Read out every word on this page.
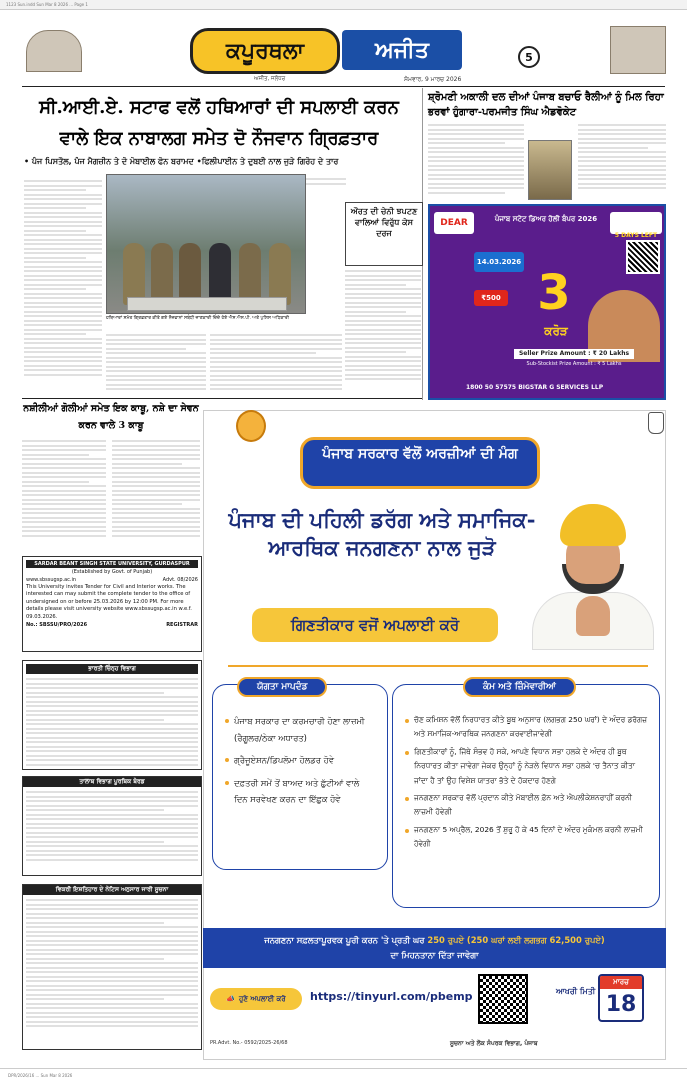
1123 Sun.indd Sun Mar 8 2026 ... Page 1
ਕਪੂਰਥਲਾ	ਅਜੀਤ
ਅਜੀਤ, ਜਲੰਧਰ	ਸੋਮਵਾਰ, 9 ਮਾਰਚ 2026
5
ਸੀ.ਆਈ.ਏ. ਸਟਾਫ ਵਲੋਂ ਹਥਿਆਰਾਂ ਦੀ ਸਪਲਾਈ ਕਰਨ ਵਾਲੇ ਇਕ ਨਾਬਾਲਗ ਸਮੇਤ ਦੋ ਨੌਜਵਾਨ ਗ੍ਰਿਫ਼ਤਾਰ
• ਪੰਜ ਪਿਸਤੌਲ, ਪੰਜ ਮੈਗਜ਼ੀਨ ਤੇ ਦੋ ਮੋਬਾਈਲ ਫੋਨ ਬਰਾਮਦ •ਫਿਲੀਪਾਈਨ ਤੇ ਦੁਬਈ ਨਾਲ ਜੁੜੇ ਗਿਰੋਹ ਦੇ ਤਾਰ
ਹਥਿਆਰਾਂ ਸਮੇਤ ਗ੍ਰਿਫ਼ਤਾਰ ਕੀਤੇ ਗਏ ਨੌਜਵਾਨਾਂ ਸਬੰਧੀ ਜਾਣਕਾਰੀ ਦਿੰਦੇ ਹੋਏ ਐਸ.ਐਸ.ਪੀ. ਅਤੇ ਪੁਲਿਸ ਅਧਿਕਾਰੀ
ਔਰਤ ਦੀ ਚੇਨੀ ਝਪਟਣ ਵਾਲਿਆਂ ਵਿਰੁੱਧ ਕੇਸ ਦਰਜ
ਸ਼੍ਰੋਮਣੀ ਅਕਾਲੀ ਦਲ ਦੀਆਂ ਪੰਜਾਬ ਬਚਾਓ ਰੈਲੀਆਂ ਨੂੰ ਮਿਲ ਰਿਹਾ ਭਰਵਾਂ ਹੁੰਗਾਰਾ-ਪਰਮਜੀਤ ਸਿੰਘ ਐਡਵੋਕੇਟ
DEAR	ਪੰਜਾਬ ਸਟੇਟ ਡਿਅਰ ਹੋਲੀ ਬੰਪਰ 2026
5 DAYS LEFT
14.03.2026
₹500 3
ਕਰੋੜ
Seller Prize Amount : ₹ 20 Lakhs
Sub-Stockist Prize Amount : ₹ 5 Lakhs
1800 50 57575 BIGSTAR G SERVICES LLP
ਨਸ਼ੀਲੀਆਂ ਗੋਲੀਆਂ ਸਮੇਤ ਇਕ ਕਾਬੂ, ਨਸ਼ੇ ਦਾ ਸੇਵਨ ਕਰਨ ਵਾਲੇ 3 ਕਾਬੂ
SARDAR BEANT SINGH STATE UNIVERSITY, GURDASPUR
(Established by Govt. of Punjab)
www.sbssugsp.ac.in	Advt. 08/2026
This University invites Tender for Civil and Interior works. The interested can may submit the complete tender to the office of undersigned on or before 25.03.2026 by 12:00 PM. For more details please visit university website www.sbssugsp.ac.in w.e.f. 09.03.2026.
No.: SBSSU/PRO/2026	REGISTRAR
ਭਾਰਤੀ ਚਿੰਨ੍ਹ ਵਿਭਾਗ
ਤਾਲਾਬ ਵਿਭਾਗ ਪੂਰਬਿਕ ਬੋਰਡ
ਵਿਕਰੀ ਇਸ਼ਤਿਹਾਰ ਦੇ ਨੋਟਿਸ ਅਨੁਸਾਰ ਜਾਰੀ ਸੂਚਨਾ
ਪੰਜਾਬ ਸਰਕਾਰ ਵੱਲੋਂ ਅਰਜ਼ੀਆਂ ਦੀ ਮੰਗ
ਪੰਜਾਬ ਦੀ ਪਹਿਲੀ ਡਰੱਗ ਅਤੇ ਸਮਾਜਿਕ-ਆਰਥਿਕ ਜਨਗਣਨਾ ਨਾਲ ਜੁੜੋ
ਗਿਣਤੀਕਾਰ ਵਜੋਂ ਅਪਲਾਈ ਕਰੋ
ਕੰਮ ਅਤੇ ਜ਼ਿੰਮੇਵਾਰੀਆਂ
ਚੋਣ ਕਮਿਸ਼ਨ ਵੱਲੋਂ ਨਿਰਧਾਰਤ ਕੀਤੇ ਬੂਥ ਅਨੁਸਾਰ (ਲਗਭਗ 250 ਘਰਾਂ) ਦੇ ਅੰਦਰ ਡਰੱਗਜ਼ ਅਤੇ ਸਮਾਜਿਕ-ਆਰਥਿਕ ਜਨਗਣਨਾ ਕਰਵਾਈਜਾਵੇਗੀ
ਗਿਣਤੀਕਾਰਾਂ ਨੂੰ, ਜਿੱਥੇ ਸੰਭਵ ਹੋ ਸਕੇ, ਆਪਣੇ ਵਿਧਾਨ ਸਭਾ ਹਲਕੇ ਦੇ ਅੰਦਰ ਹੀ ਬੂਥ ਨਿਰਧਾਰਤ ਕੀਤਾ ਜਾਵੇਗਾ ਜੇਕਰ ਉਨ੍ਹਾਂ ਨੂੰ ਨੇੜਲੇ ਵਿਧਾਨ ਸਭਾ ਹਲਕੇ 'ਚ ਤੈਨਾਤ ਕੀਤਾ ਜਾਂਦਾ ਹੈ ਤਾਂ ਉਹ ਵਿਸ਼ੇਸ਼ ਯਾਤਰਾ ਭੱਤੇ ਦੇ ਹੱਕਦਾਰ ਹੋਣਗੇ
ਜਨਗਣਨਾ ਸਰਕਾਰ ਵੱਲੋਂ ਪ੍ਰਦਾਨ ਕੀਤੇ ਮੋਬਾਈਲ ਫ਼ੋਨ ਅਤੇ ਐਪਲੀਕੇਸ਼ਨਰਾਹੀਂ ਕਰਨੀ ਲਾਜ਼ਮੀ ਹੋਵੇਗੀ
ਜਨਗਣਨਾ 5 ਅਪ੍ਰੈਲ, 2026 ਤੋਂ ਸ਼ੁਰੂ ਹੋ ਕੇ 45 ਦਿਨਾਂ ਦੇ ਅੰਦਰ ਮੁਕੰਮਲ ਕਰਨੀ ਲਾਜ਼ਮੀ ਹੋਵੇਗੀ
ਯੋਗਤਾ ਮਾਪਦੰਡ
ਪੰਜਾਬ ਸਰਕਾਰ ਦਾ ਕਰਮਚਾਰੀ ਹੋਣਾ ਲਾਜ਼ਮੀ (ਰੈਗੂਲਰ/ਠੇਕਾ ਅਧਾਰਤ)
ਗ੍ਰੈਜੂਏਸ਼ਨ/ਡਿਪਲੋਮਾ ਹੋਲਡਰ ਹੋਵੇ
ਦਫ਼ਤਰੀ ਸਮੇਂ ਤੋਂ ਬਾਅਦ ਅਤੇ ਛੁੱਟੀਆਂ ਵਾਲੇ ਦਿਨ ਸਰਵੇਖਣ ਕਰਨ ਦਾ ਇੱਛੁਕ ਹੋਵੇ
ਜਨਗਣਨਾ ਸਫ਼ਲਤਾਪੂਰਵਕ ਪੂਰੀ ਕਰਨ 'ਤੇ ਪ੍ਰਤੀ ਘਰ 250 ਰੁਪਏ (250 ਘਰਾਂ ਲਈ ਲਗਭਗ 62,500 ਰੁਪਏ)
ਦਾ ਮਿਹਨਤਾਨਾ ਦਿੱਤਾ ਜਾਵੇਗਾ
📣 ਹੁਣੇ ਅਪਲਾਈ ਕਰੋ https://tinyurl.com/pbemp	ਆਖਰੀ ਮਿਤੀ
ਮਾਰਚ
18
PR.Advt. No.- 0592/2025-26/68	ਸੂਚਨਾ ਅਤੇ ਲੋਕ ਸੰਪਰਕ ਵਿਭਾਗ, ਪੰਜਾਬ
DPR/2026/16 ... Sun Mar 8 2026
